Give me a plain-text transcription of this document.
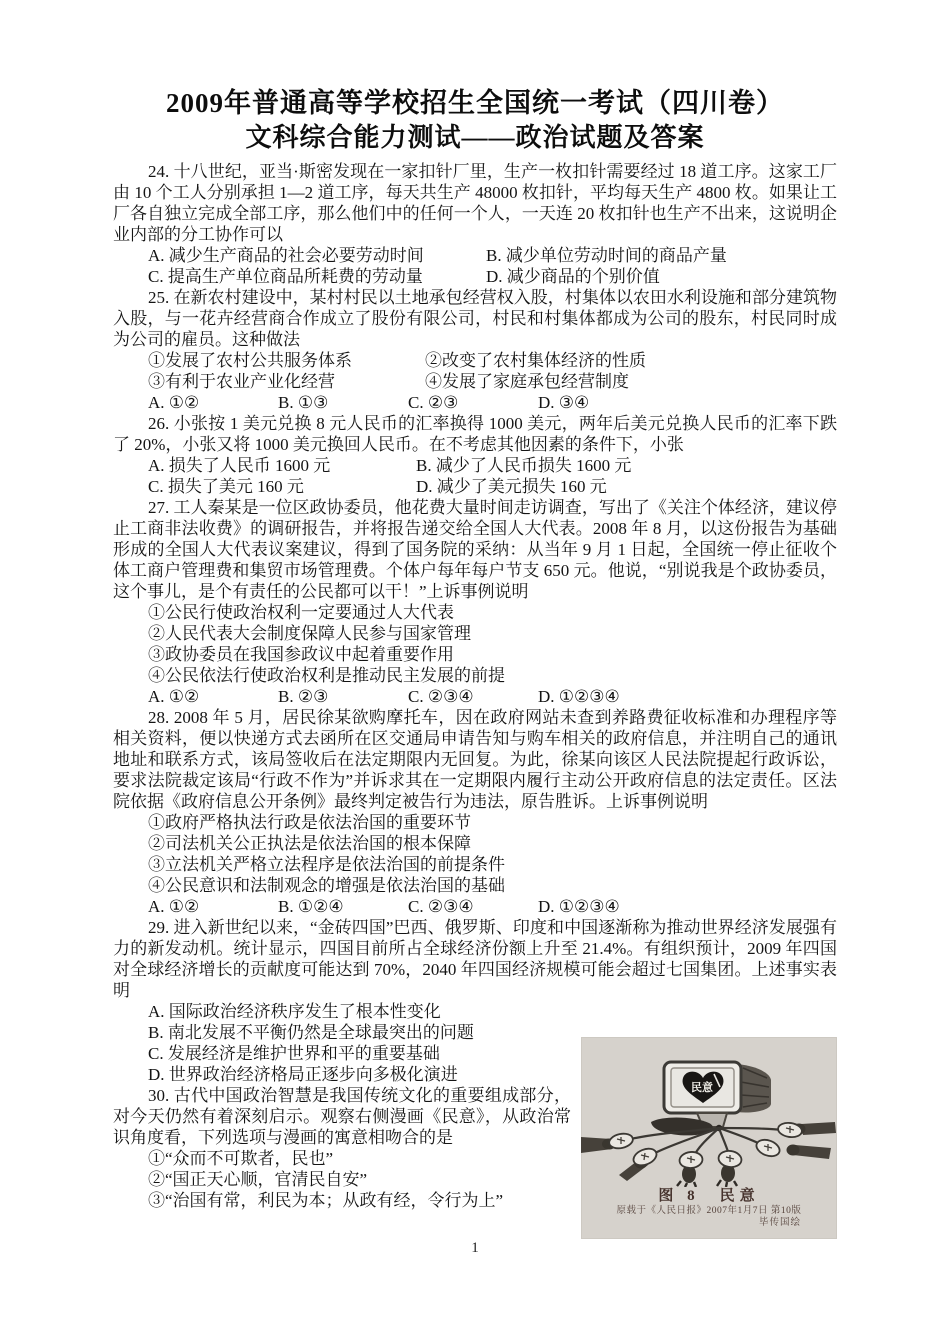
2009年普通高等学校招生全国统一考试（四川卷）
文科综合能力测试——政治试题及答案

24. 十八世纪，亚当·斯密发现在一家扣针厂里，生产一枚扣针需要经过 18 道工序。这家工厂由 10 个工人分别承担 1—2 道工序，每天共生产 48000 枚扣针，平均每天生产 4800 枚。如果让工厂各自独立完成全部工序，那么他们中的任何一个人，一天连 20 枚扣针也生产不出来，这说明企业内部的分工协作可以

A. 减少生产商品的社会必要劳动时间	B. 减少单位劳动时间的商品产量
C. 提高生产单位商品所耗费的劳动量	D. 减少商品的个别价值

25. 在新农村建设中，某村村民以土地承包经营权入股，村集体以农田水利设施和部分建筑物入股，与一花卉经营商合作成立了股份有限公司，村民和村集体都成为公司的股东，村民同时成为公司的雇员。这种做法

①发展了农村公共服务体系	②改变了农村集体经济的性质
③有利于农业产业化经营	④发展了家庭承包经营制度
A. ①②	B. ①③	C. ②③	D. ③④

26. 小张按 1 美元兑换 8 元人民币的汇率换得 1000 美元，两年后美元兑换人民币的汇率下跌了 20%，小张又将 1000 美元换回人民币。在不考虑其他因素的条件下，小张

A. 损失了人民币 1600 元	B. 减少了人民币损失 1600 元
C. 损失了美元 160 元	D. 减少了美元损失 160 元

27. 工人秦某是一位区政协委员，他花费大量时间走访调查，写出了《关注个体经济，建议停止工商非法收费》的调研报告，并将报告递交给全国人大代表。2008 年 8 月，以这份报告为基础形成的全国人大代表议案建议，得到了国务院的采纳：从当年 9 月 1 日起，全国统一停止征收个体工商户管理费和集贸市场管理费。个体户每年每户节支 650 元。他说，“别说我是个政协委员，这个事儿，是个有责任的公民都可以干！”上诉事例说明

①公民行使政治权利一定要通过人大代表
②人民代表大会制度保障人民参与国家管理
③政协委员在我国参政议中起着重要作用
④公民依法行使政治权利是推动民主发展的前提
A. ①②	B. ②③	C. ②③④	D. ①②③④

28. 2008 年 5 月，居民徐某欲购摩托车，因在政府网站未查到养路费征收标准和办理程序等相关资料，便以快递方式去函所在区交通局申请告知与购车相关的政府信息，并注明自己的通讯地址和联系方式，该局签收后在法定期限内无回复。为此，徐某向该区人民法院提起行政诉讼，要求法院裁定该局“行政不作为”并诉求其在一定期限内履行主动公开政府信息的法定责任。区法院依据《政府信息公开条例》最终判定被告行为违法，原告胜诉。上诉事例说明

①政府严格执法行政是依法治国的重要环节
②司法机关公正执法是依法治国的根本保障
③立法机关严格立法程序是依法治国的前提条件
④公民意识和法制观念的增强是依法治国的基础
A. ①②	B. ①②④	C. ②③④	D. ①②③④

29. 进入新世纪以来，“金砖四国”巴西、俄罗斯、印度和中国逐渐称为推动世界经济发展强有力的新发动机。统计显示，四国目前所占全球经济份额上升至 21.4%。有组织预计，2009 年四国对全球经济增长的贡献度可能达到 70%，2040 年四国经济规模可能会超过七国集团。上述事实表明

A. 国际政治经济秩序发生了根本性变化
B. 南北发展不平衡仍然是全球最突出的问题
民意
图 8　民意
原载于《人民日报》2007年1月7日 第10版
毕传国绘
C. 发展经济是维护世界和平的重要基础
D. 世界政治经济格局正逐步向多极化演进

30. 古代中国政治智慧是我国传统文化的重要组成部分，对今天仍然有着深刻启示。观察右侧漫画《民意》，从政治常识角度看，下列选项与漫画的寓意相吻合的是

①“众而不可欺者，民也”
②“国正天心顺，官清民自安”
③“治国有常，利民为本；从政有经，令行为上”
1
